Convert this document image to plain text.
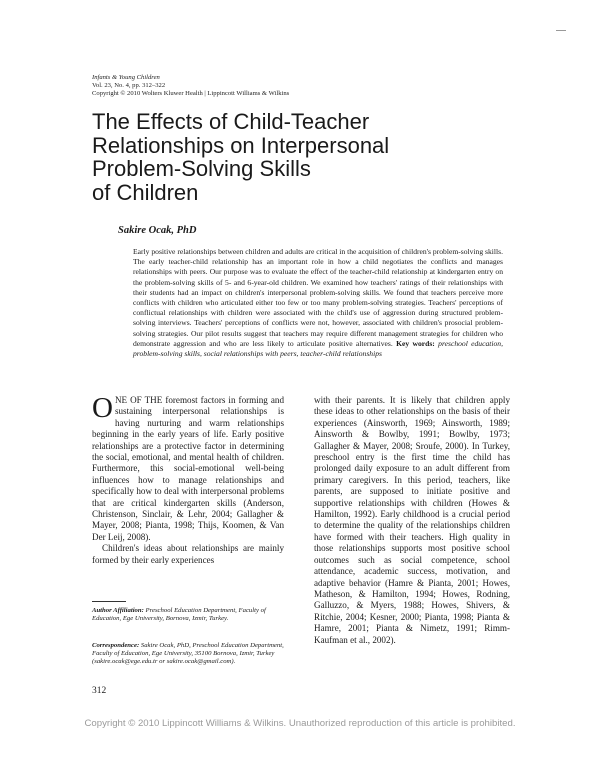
Infants & Young Children
Vol. 23, No. 4, pp. 312–322
Copyright © 2010 Wolters Kluwer Health | Lippincott Williams & Wilkins
The Effects of Child-Teacher
Relationships on Interpersonal
Problem-Solving Skills
of Children
Sakire Ocak, PhD

Early positive relationships between children and adults are critical in the acquisition of children's problem-solving skills. The early teacher-child relationship has an important role in how a child negotiates the conflicts and manages relationships with peers. Our purpose was to evaluate the effect of the teacher-child relationship at kindergarten entry on the problem-solving skills of 5- and 6-year-old children. We examined how teachers' ratings of their relationships with their students had an impact on children's interpersonal problem-solving skills. We found that teachers perceive more conflicts with children who articulated either too few or too many problem-solving strategies. Teachers' perceptions of conflictual relationships with children were associated with the child's use of aggression during structured problem-solving interviews. Teachers' perceptions of conflicts were not, however, associated with children's prosocial problem-solving strategies. Our pilot results suggest that teachers may require different management strategies for children who demonstrate aggression and who are less likely to articulate positive alternatives. Key words: preschool education, problem-solving skills, social relationships with peers, teacher-child relationships

ONE OF THE foremost factors in forming and sustaining interpersonal relationships is having nurturing and warm relationships beginning in the early years of life. Early positive relationships are a protective factor in determining the social, emotional, and mental health of children. Furthermore, this social-emotional well-being influences how to manage relationships and specifically how to deal with interpersonal problems that are critical kindergarten skills (Anderson, Christenson, Sinclair, & Lehr, 2004; Gallagher & Mayer, 2008; Pianta, 1998; Thijs, Koomen, & Van Der Leij, 2008).

Children's ideas about relationships are mainly formed by their early experiences

with their parents. It is likely that children apply these ideas to other relationships on the basis of their experiences (Ainsworth, 1969; Ainsworth, 1989; Ainsworth & Bowlby, 1991; Bowlby, 1973; Gallagher & Mayer, 2008; Sroufe, 2000). In Turkey, preschool entry is the first time the child has prolonged daily exposure to an adult different from primary caregivers. In this period, teachers, like parents, are supposed to initiate positive and supportive relationships with children (Howes & Hamilton, 1992). Early childhood is a crucial period to determine the quality of the relationships children have formed with their teachers. High quality in those relationships supports most positive school outcomes such as social competence, school attendance, academic success, motivation, and adaptive behavior (Hamre & Pianta, 2001; Howes, Matheson, & Hamilton, 1994; Howes, Rodning, Galluzzo, & Myers, 1988; Howes, Shivers, & Ritchie, 2004; Kesner, 2000; Pianta, 1998; Pianta & Hamre, 2001; Pianta & Nimetz, 1991; Rimm-Kaufman et al., 2002).

Author Affiliation: Preschool Education Department, Faculty of Education, Ege University, Bornova, Izmir, Turkey.
Correspondence: Sakire Ocak, PhD, Preschool Education Department, Faculty of Education, Ege University, 35100 Bornova, Izmir, Turkey (sakire.ocak@ege.edu.tr or sakire.ocak@gmail.com).
312
Copyright © 2010 Lippincott Williams & Wilkins. Unauthorized reproduction of this article is prohibited.
